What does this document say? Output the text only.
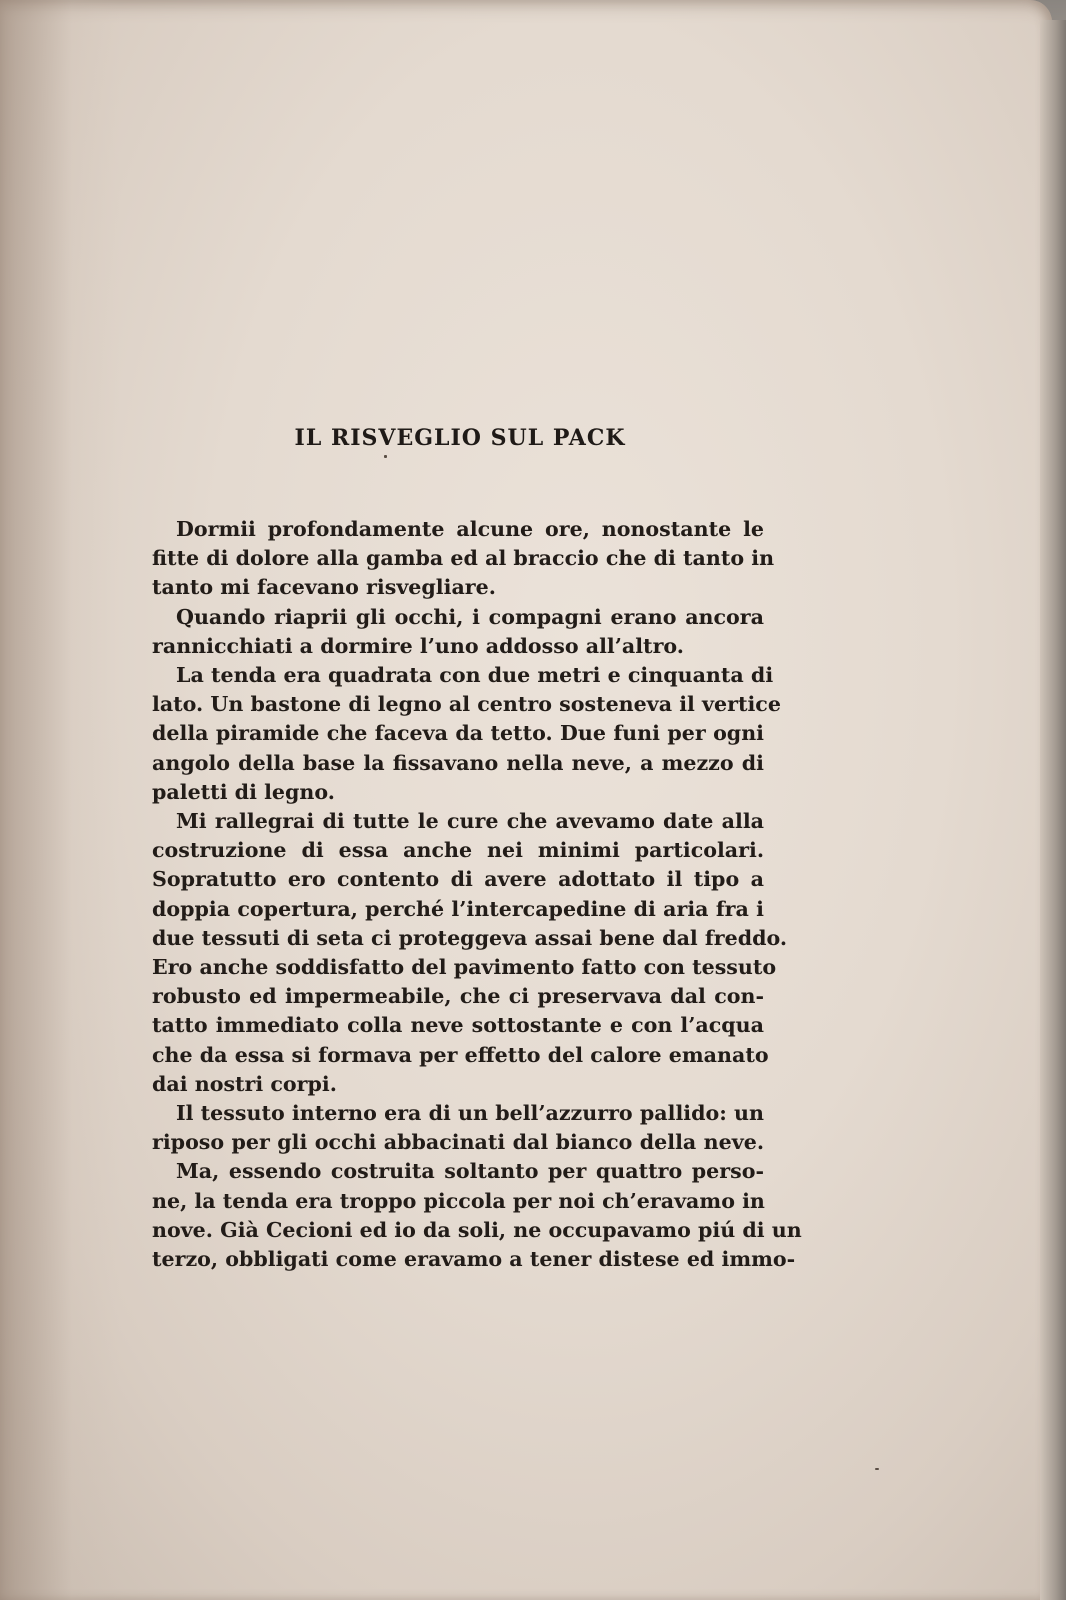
IL RISVEGLIO SUL PACK
Dormii profondamente alcune ore, nonostante le
fitte di dolore alla gamba ed al braccio che di tanto in
tanto mi facevano risvegliare.
Quando riaprii gli occhi, i compagni erano ancora
rannicchiati a dormire l’uno addosso all’altro.
La tenda era quadrata con due metri e cinquanta di
lato. Un bastone di legno al centro sosteneva il vertice
della piramide che faceva da tetto. Due funi per ogni
angolo della base la fissavano nella neve, a mezzo di
paletti di legno.
Mi rallegrai di tutte le cure che avevamo date alla
costruzione di essa anche nei minimi particolari.
Sopratutto ero contento di avere adottato il tipo a
doppia copertura, perché l’intercapedine di aria fra i
due tessuti di seta ci proteggeva assai bene dal freddo.
Ero anche soddisfatto del pavimento fatto con tessuto
robusto ed impermeabile, che ci preservava dal con-
tatto immediato colla neve sottostante e con l’acqua
che da essa si formava per effetto del calore emanato
dai nostri corpi.
Il tessuto interno era di un bell’azzurro pallido: un
riposo per gli occhi abbacinati dal bianco della neve.
Ma, essendo costruita soltanto per quattro perso-
ne, la tenda era troppo piccola per noi ch’eravamo in
nove. Già Cecioni ed io da soli, ne occupavamo piú di un
terzo, obbligati come eravamo a tener distese ed immo-
